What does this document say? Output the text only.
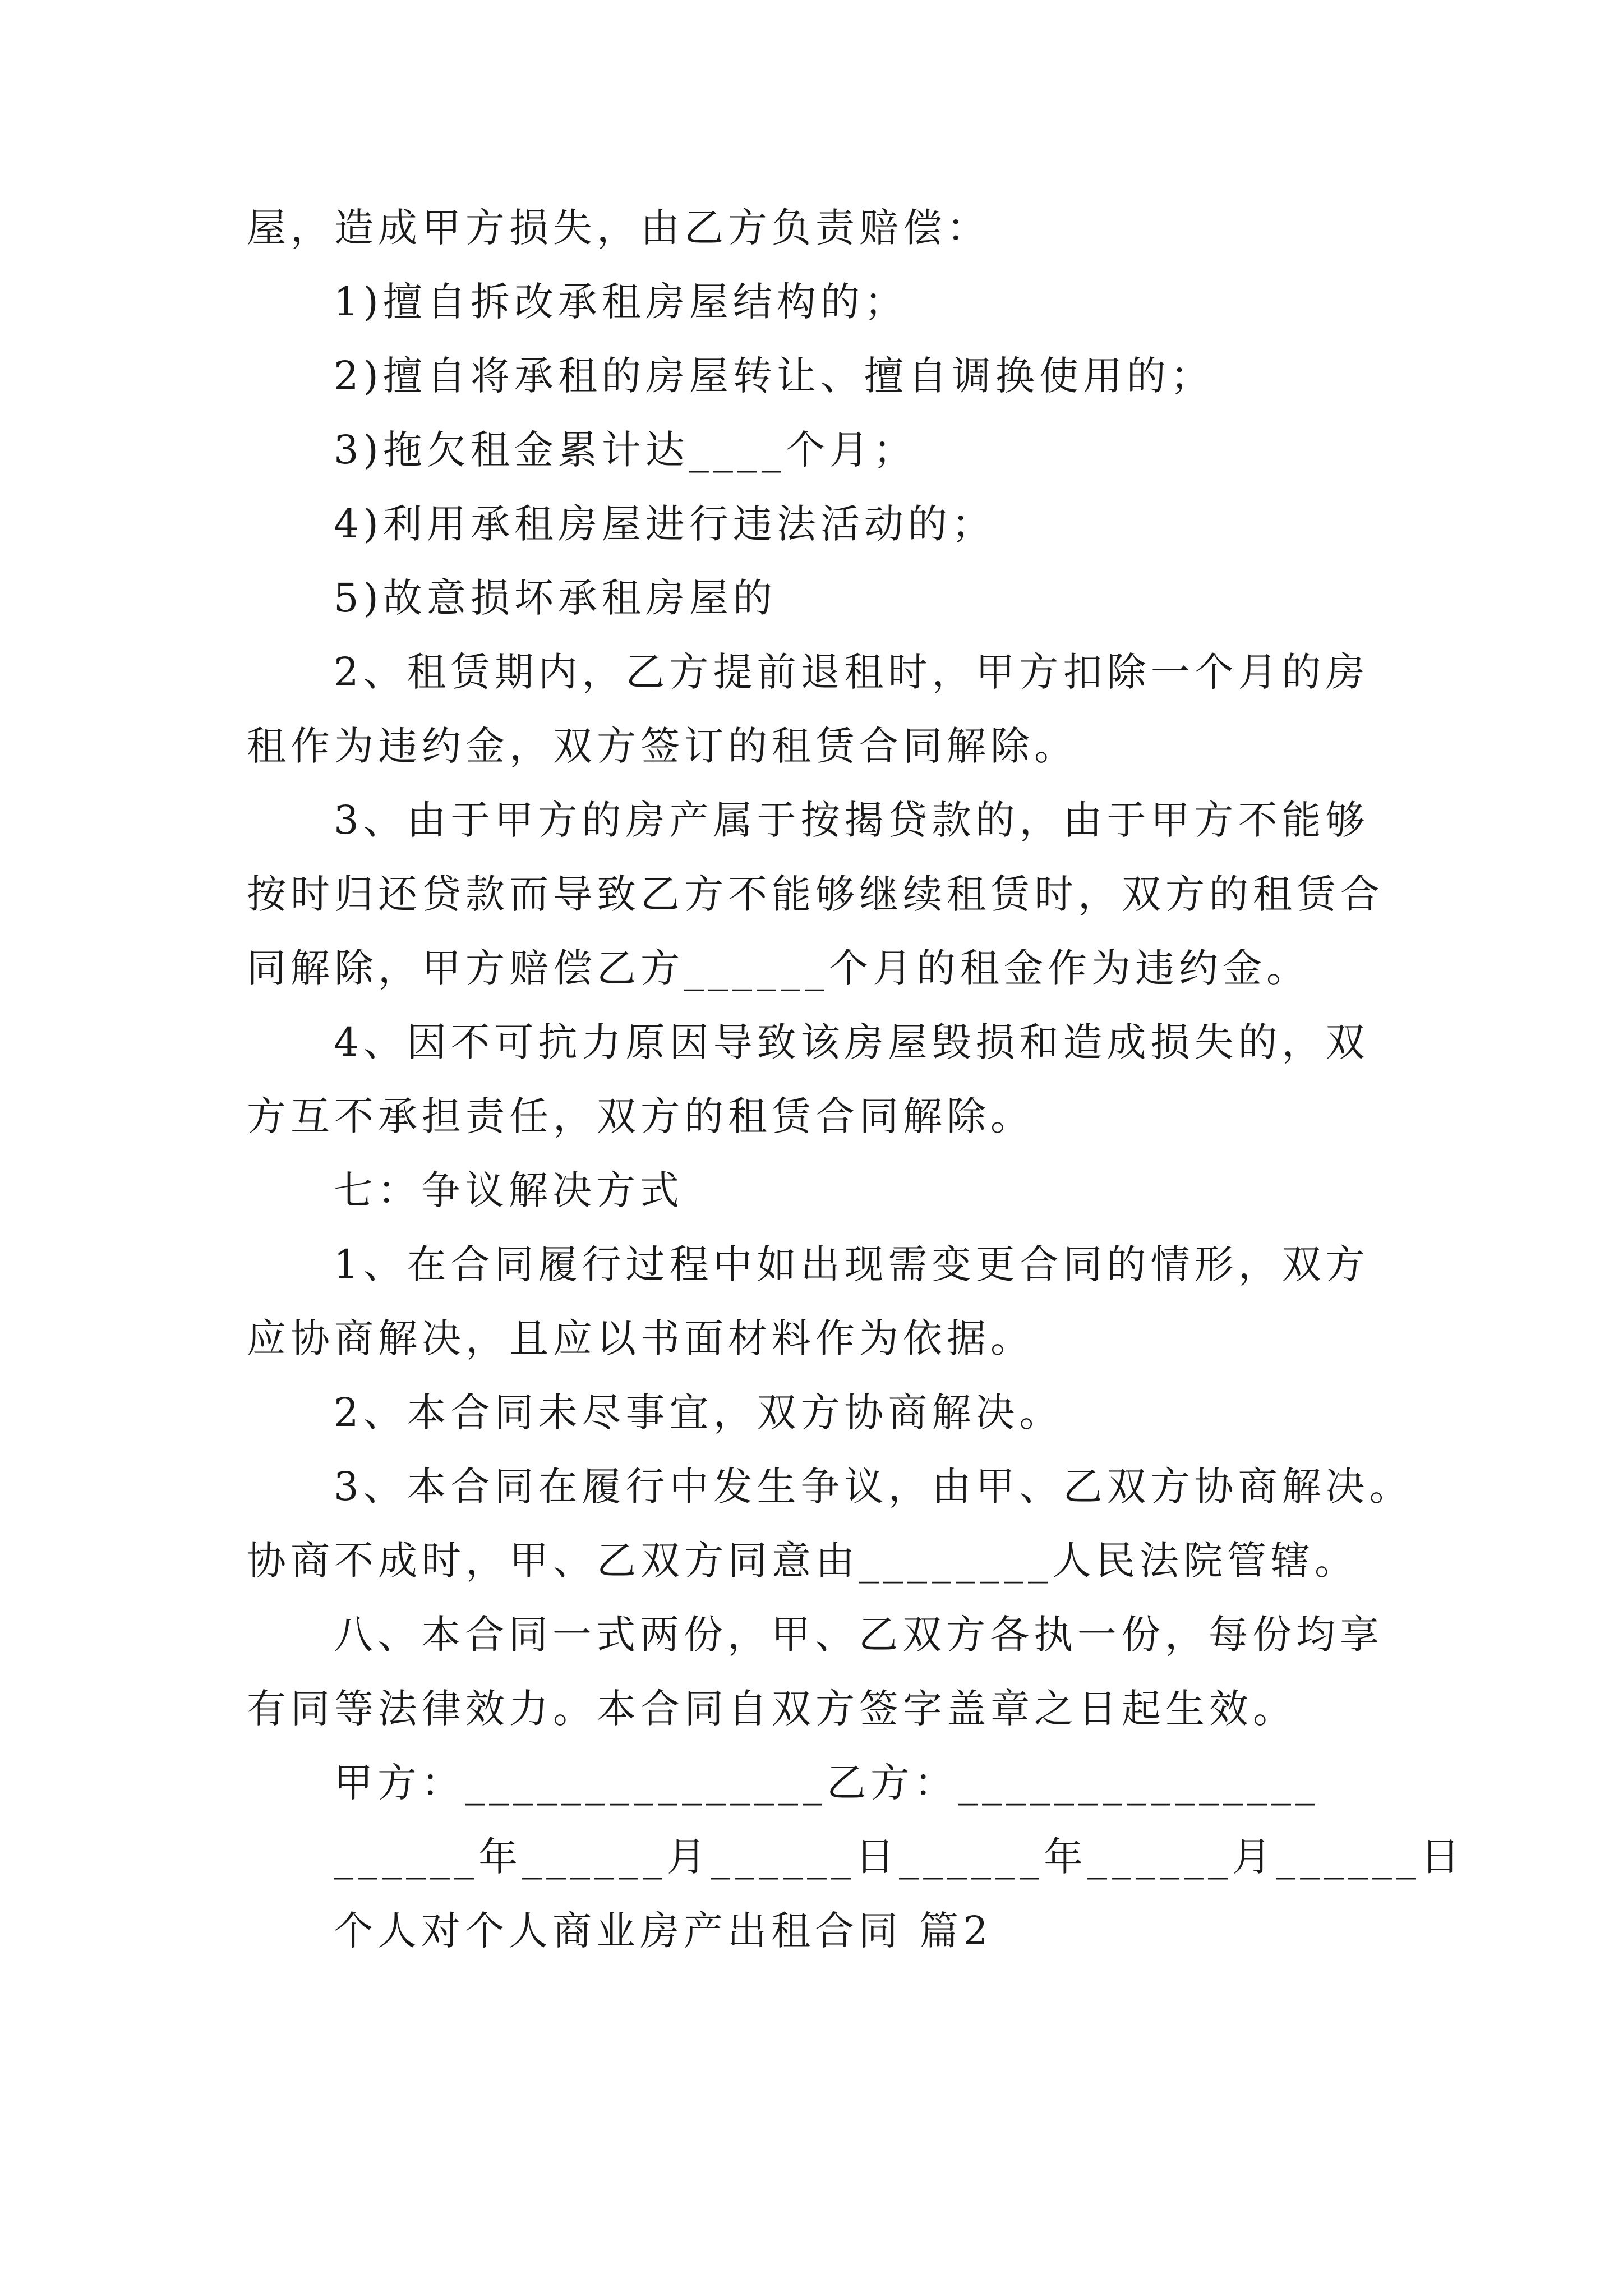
屋，造成甲方损失，由乙方负责赔偿：
1)擅自拆改承租房屋结构的；
2)擅自将承租的房屋转让、擅自调换使用的；
3)拖欠租金累计达____个月；
4)利用承租房屋进行违法活动的；
5)故意损坏承租房屋的
2、租赁期内，乙方提前退租时，甲方扣除一个月的房
租作为违约金，双方签订的租赁合同解除。
3、由于甲方的房产属于按揭贷款的，由于甲方不能够
按时归还贷款而导致乙方不能够继续租赁时，双方的租赁合
同解除，甲方赔偿乙方______个月的租金作为违约金。
4、因不可抗力原因导致该房屋毁损和造成损失的，双
方互不承担责任，双方的租赁合同解除。
七：争议解决方式
1、在合同履行过程中如出现需变更合同的情形，双方
应协商解决，且应以书面材料作为依据。
2、本合同未尽事宜，双方协商解决。
3、本合同在履行中发生争议，由甲、乙双方协商解决。
协商不成时，甲、乙双方同意由________人民法院管辖。
八、本合同一式两份，甲、乙双方各执一份，每份均享
有同等法律效力。本合同自双方签字盖章之日起生效。
甲方：_______________乙方：_______________
______年______月______日______年______月______日
个人对个人商业房产出租合同 篇2
